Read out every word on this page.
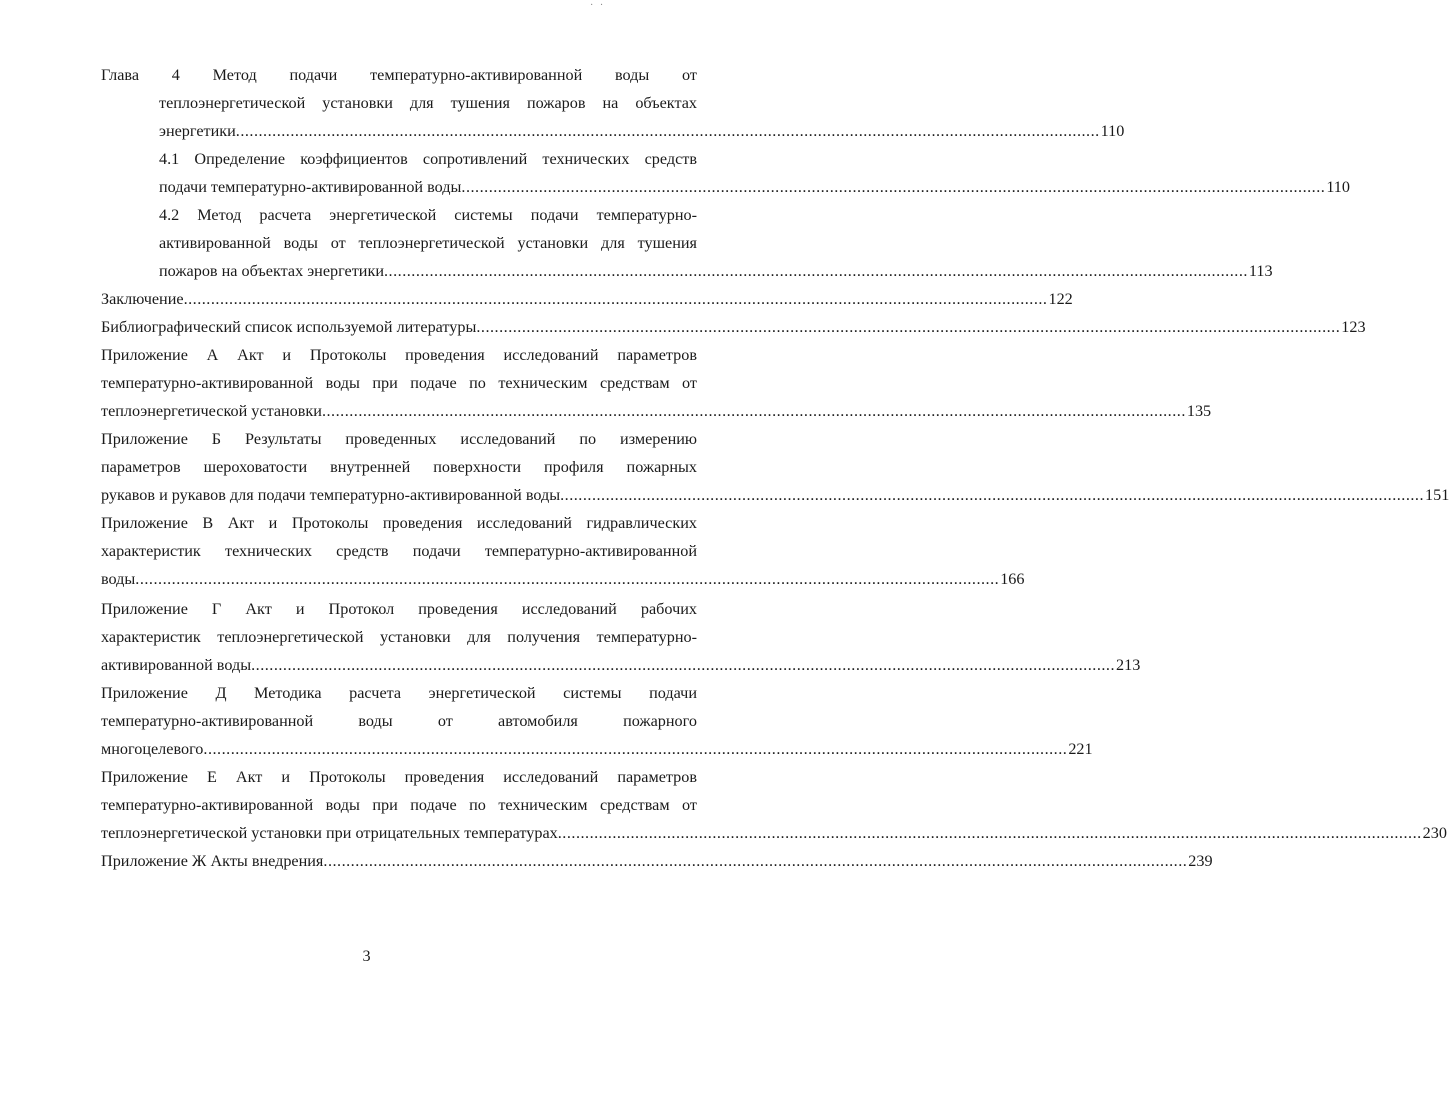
· ·
Глава 4 Метод подачи температурно-активированной воды от
теплоэнергетической установки для тушения пожаров на объектах
энергетики .............................................................................................................................................................................................. 110
4.1 Определение коэффициентов сопротивлений технических средств
подачи температурно-активированной воды .............................................................................................................................................................................................. 110
4.2 Метод расчета энергетической системы подачи температурно-
активированной воды от теплоэнергетической установки для тушения
пожаров на объектах энергетики .............................................................................................................................................................................................. 113
Заключение .............................................................................................................................................................................................. 122
Библиографический список используемой литературы .............................................................................................................................................................................................. 123
Приложение А Акт и Протоколы проведения исследований параметров
температурно-активированной воды при подаче по техническим средствам от
теплоэнергетической установки .............................................................................................................................................................................................. 135
Приложение Б Результаты проведенных исследований по измерению
параметров шероховатости внутренней поверхности профиля пожарных
рукавов и рукавов для подачи температурно-активированной воды .............................................................................................................................................................................................. 151
Приложение В Акт и Протоколы проведения исследований гидравлических
характеристик технических средств подачи температурно-активированной
воды .............................................................................................................................................................................................. 166
Приложение Г Акт и Протокол проведения исследований рабочих
характеристик теплоэнергетической установки для получения температурно-
активированной воды .............................................................................................................................................................................................. 213
Приложение Д Методика расчета энергетической системы подачи
температурно-активированной воды от автомобиля пожарного
многоцелевого .............................................................................................................................................................................................. 221
Приложение Е Акт и Протоколы проведения исследований параметров
температурно-активированной воды при подаче по техническим средствам от
теплоэнергетической установки при отрицательных температурах .............................................................................................................................................................................................. 230
Приложение Ж Акты внедрения .............................................................................................................................................................................................. 239
3
